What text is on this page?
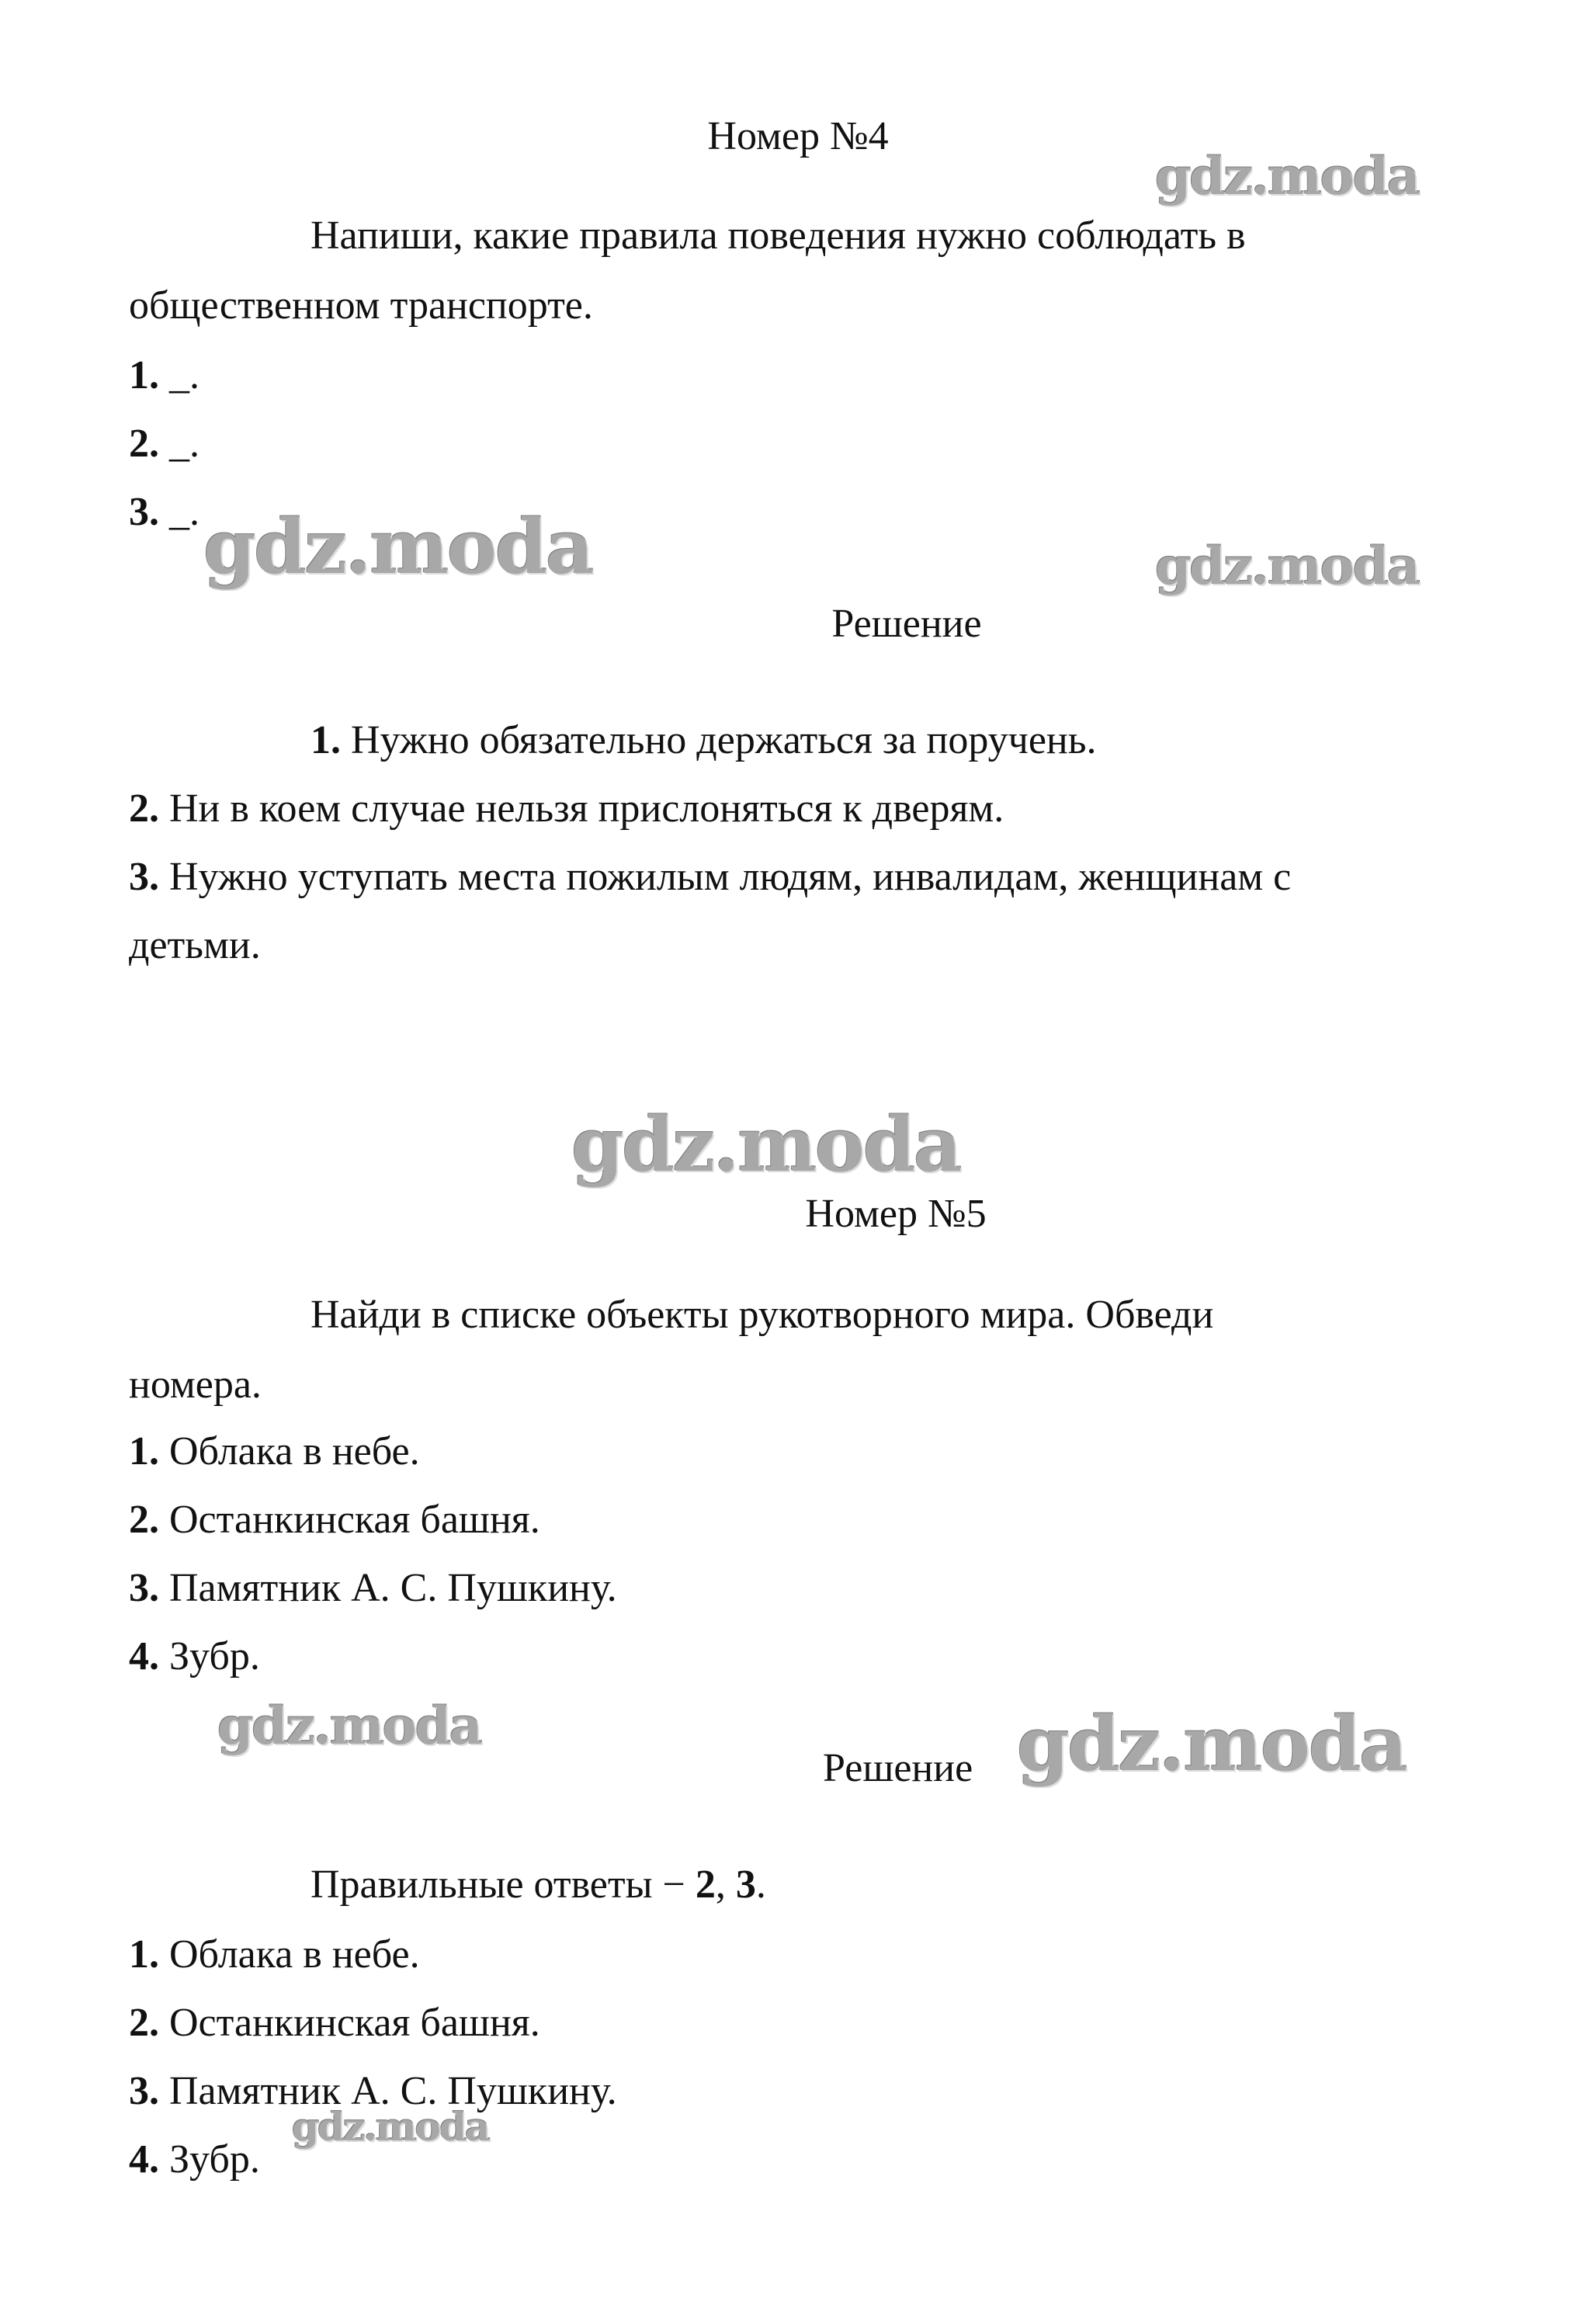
Номер №4
Напиши, какие правила поведения нужно соблюдать в
общественном транспорте.
1. _.
2. _.
3. _.
Решение
1. Нужно обязательно держаться за поручень.
2. Ни в коем случае нельзя прислоняться к дверям.
3. Нужно уступать места пожилым людям, инвалидам, женщинам с
детьми.
Номер №5
Найди в списке объекты рукотворного мира. Обведи
номера.
1. Облака в небе.
2. Останкинская башня.
3. Памятник А. С. Пушкину.
4. Зубр.
Решение
Правильные ответы − 2, 3.
1. Облака в небе.
2. Останкинская башня.
3. Памятник А. С. Пушкину.
4. Зубр.
gdz.moda
gdz.moda	gdz.moda
gdz.moda
gdz.moda	gdz.moda
gdz.moda
